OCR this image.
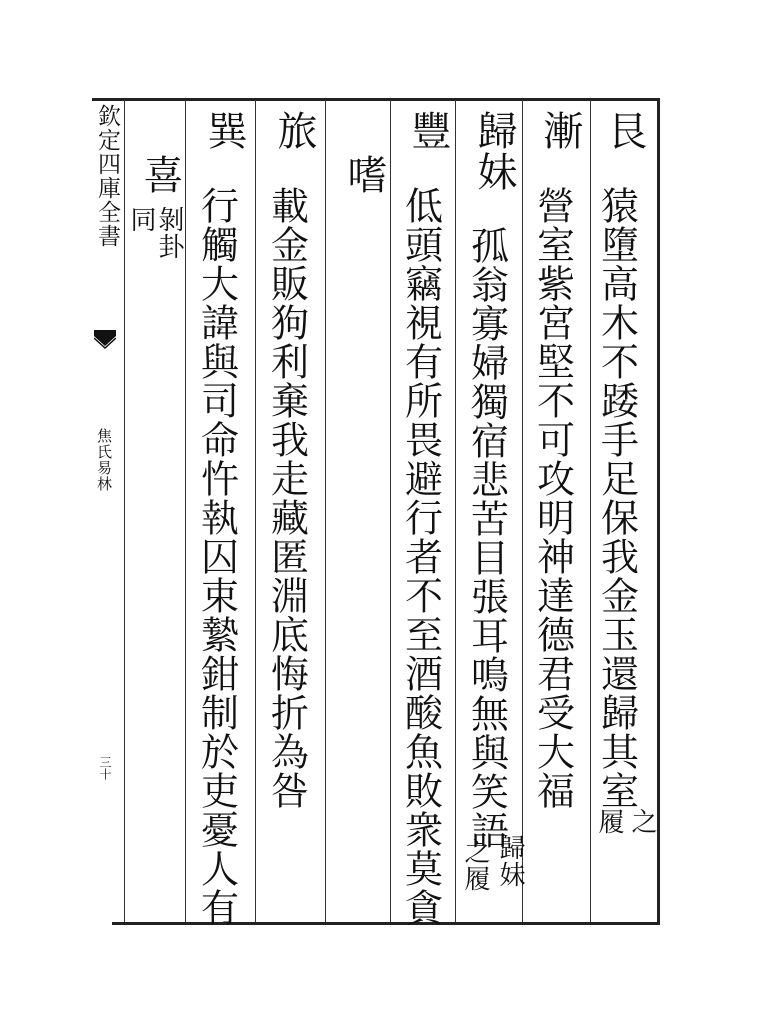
欽定四庫全書
焦氏易林
三十
艮
猿墮高木不踒手足保我金玉還歸其室
之
履
漸
營室紫宮堅不可攻明神達德君受大福
歸妹
孤翁寡婦獨宿悲苦目張耳鳴無與笑語
歸妹
之履
豐
低頭竊視有所畏避行者不至酒酸魚敗衆莫貪
嗜
旅
載金販狗利棄我走藏匿淵底悔折為咎
巽
行觸大諱與司命忤執囚束縶鉗制於吏憂人有
喜
剝卦
同
